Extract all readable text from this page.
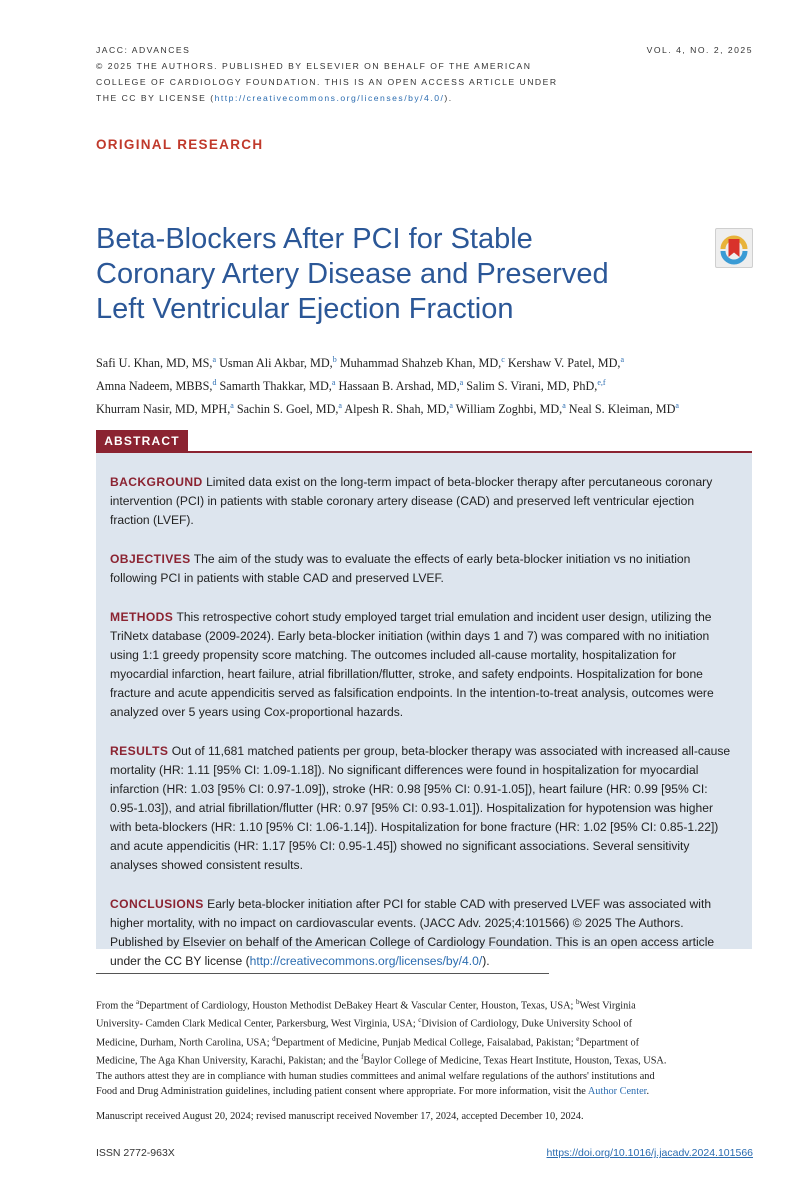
JACC: ADVANCES
© 2025 THE AUTHORS. PUBLISHED BY ELSEVIER ON BEHALF OF THE AMERICAN
COLLEGE OF CARDIOLOGY FOUNDATION. THIS IS AN OPEN ACCESS ARTICLE UNDER
THE CC BY LICENSE (http://creativecommons.org/licenses/by/4.0/).
VOL. 4, NO. 2, 2025
ORIGINAL RESEARCH
Beta-Blockers After PCI for Stable
Coronary Artery Disease and Preserved
Left Ventricular Ejection Fraction
Safi U. Khan, MD, MS,$^a$ Usman Ali Akbar, MD,$^b$ Muhammad Shahzeb Khan, MD,$^c$ Kershaw V. Patel, MD,$^a$
Amna Nadeem, MBBS,$^d$ Samarth Thakkar, MD,$^a$ Hassaan B. Arshad, MD,$^a$ Salim S. Virani, MD, PhD,$^{e,f}$
Khurram Nasir, MD, MPH,$^a$ Sachin S. Goel, MD,$^a$ Alpesh R. Shah, MD,$^a$ William Zoghbi, MD,$^a$ Neal S. Kleiman, $MD^a$
ABSTRACT

BACKGROUND Limited data exist on the long-term impact of beta-blocker therapy after percutaneous coronary intervention (PCI) in patients with stable coronary artery disease (CAD) and preserved left ventricular ejection fraction (LVEF).

OBJECTIVES The aim of the study was to evaluate the effects of early beta-blocker initiation vs no initiation following PCI in patients with stable CAD and preserved LVEF.

METHODS This retrospective cohort study employed target trial emulation and incident user design, utilizing the TriNetx database (2009-2024). Early beta-blocker initiation (within days 1 and 7) was compared with no initiation using 1:1 greedy propensity score matching. The outcomes included all-cause mortality, hospitalization for myocardial infarction, heart failure, atrial fibrillation/flutter, stroke, and safety endpoints. Hospitalization for bone fracture and acute appendicitis served as falsification endpoints. In the intention-to-treat analysis, outcomes were analyzed over 5 years using Cox-proportional hazards.

RESULTS Out of 11,681 matched patients per group, beta-blocker therapy was associated with increased all-cause mortality (HR: 1.11 [95% CI: 1.09-1.18]). No significant differences were found in hospitalization for myocardial infarction (HR: 1.03 [95% CI: 0.97-1.09]), stroke (HR: 0.98 [95% CI: 0.91-1.05]), heart failure (HR: 0.99 [95% CI: 0.95-1.03]), and atrial fibrillation/flutter (HR: 0.97 [95% CI: 0.93-1.01]). Hospitalization for hypotension was higher with beta-blockers (HR: 1.10 [95% CI: 1.06-1.14]). Hospitalization for bone fracture (HR: 1.02 [95% CI: 0.85-1.22]) and acute appendicitis (HR: 1.17 [95% CI: 0.95-1.45]) showed no significant associations. Several sensitivity analyses showed consistent results.

CONCLUSIONS Early beta-blocker initiation after PCI for stable CAD with preserved LVEF was associated with higher mortality, with no impact on cardiovascular events. (JACC Adv. 2025;4:101566) © 2025 The Authors. Published by Elsevier on behalf of the American College of Cardiology Foundation. This is an open access article under the CC BY license (http://creativecommons.org/licenses/by/4.0/).

From the $^a$Department of Cardiology, Houston Methodist DeBakey Heart & Vascular Center, Houston, Texas, USA; $^b$West Virginia University- Camden Clark Medical Center, Parkersburg, West Virginia, USA; $^c$Division of Cardiology, Duke University School of Medicine, Durham, North Carolina, USA; $^d$Department of Medicine, Punjab Medical College, Faisalabad, Pakistan; $^e$Department of Medicine, The Aga Khan University, Karachi, Pakistan; and the $^f$Baylor College of Medicine, Texas Heart Institute, Houston, Texas, USA.

The authors attest they are in compliance with human studies committees and animal welfare regulations of the authors' institutions and Food and Drug Administration guidelines, including patient consent where appropriate. For more information, visit the Author Center.

Manuscript received August 20, 2024; revised manuscript received November 17, 2024, accepted December 10, 2024.

ISSN 2772-963X	https://doi.org/10.1016/j.jacadv.2024.101566
